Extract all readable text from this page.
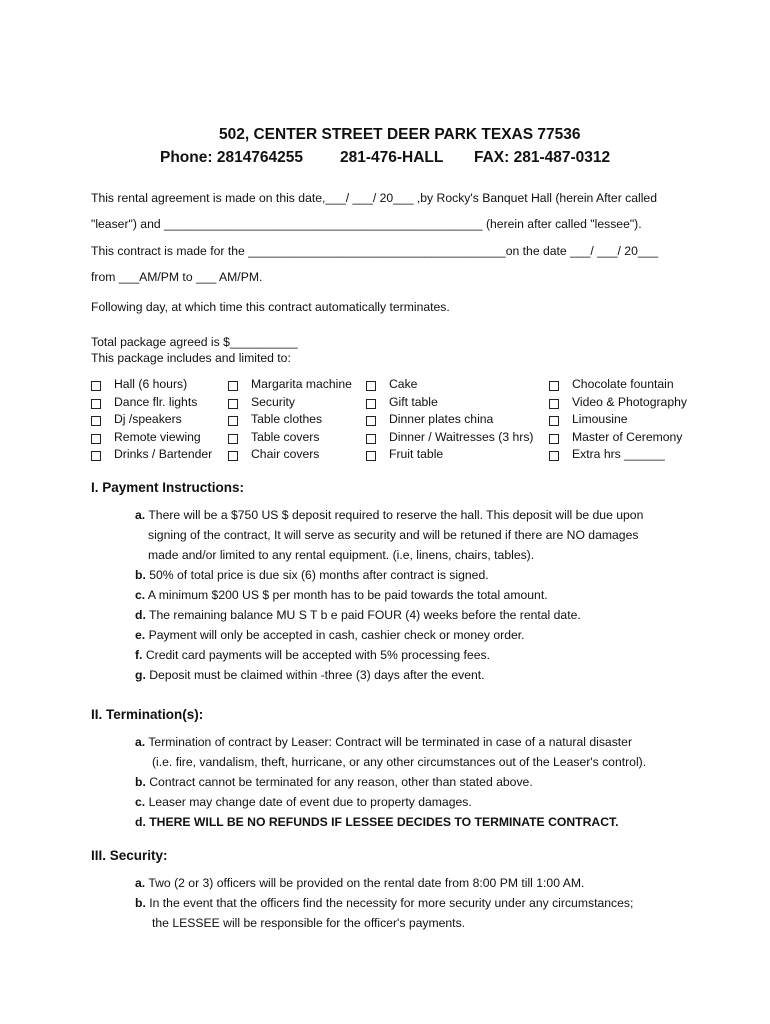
502, CENTER STREET DEER PARK TEXAS 77536
Phone: 2814764255 281-476-HALL FAX: 281-487-0312
This rental agreement is made on this date,___/ ___/ 20___ ,by Rocky's Banquet Hall (herein After called
"leaser") and _______________________________________________ (herein after called "lessee").
This contract is made for the ______________________________________on the date ___/ ___/ 20___
from ___AM/PM to ___ AM/PM.
Following day, at which time this contract automatically terminates.
Total package agreed is $__________
This package includes and limited to:
Hall (6 hours)	Margarita machine	Cake	Chocolate fountain
Dance flr. lights	Security	Gift table	Video & Photography
Dj /speakers	Table clothes	Dinner plates china	Limousine
Remote viewing	Table covers	Dinner / Waitresses (3 hrs)	Master of Ceremony
Drinks / Bartender	Chair covers	Fruit table	Extra hrs ______
I. Payment Instructions:
a. There will be a $750 US $ deposit required to reserve the hall. This deposit will be due upon
signing of the contract, It will serve as security and will be retuned if there are NO damages
made and/or limited to any rental equipment. (i.e, linens, chairs, tables).
b. 50% of total price is due six (6) months after contract is signed.
c. A minimum $200 US $ per month has to be paid towards the total amount.
d. The remaining balance MU S T b e paid FOUR (4) weeks before the rental date.
e. Payment will only be accepted in cash, cashier check or money order.
f. Credit card payments will be accepted with 5% processing fees.
g. Deposit must be claimed within -three (3) days after the event.
II. Termination(s):
a. Termination of contract by Leaser: Contract will be terminated in case of a natural disaster
(i.e. fire, vandalism, theft, hurricane, or any other circumstances out of the Leaser's control).
b. Contract cannot be terminated for any reason, other than stated above.
c. Leaser may change date of event due to property damages.
d. THERE WILL BE NO REFUNDS IF LESSEE DECIDES TO TERMINATE CONTRACT.
III. Security:
a. Two (2 or 3) officers will be provided on the rental date from 8:00 PM till 1:00 AM.
b. In the event that the officers find the necessity for more security under any circumstances;
the LESSEE will be responsible for the officer's payments.
